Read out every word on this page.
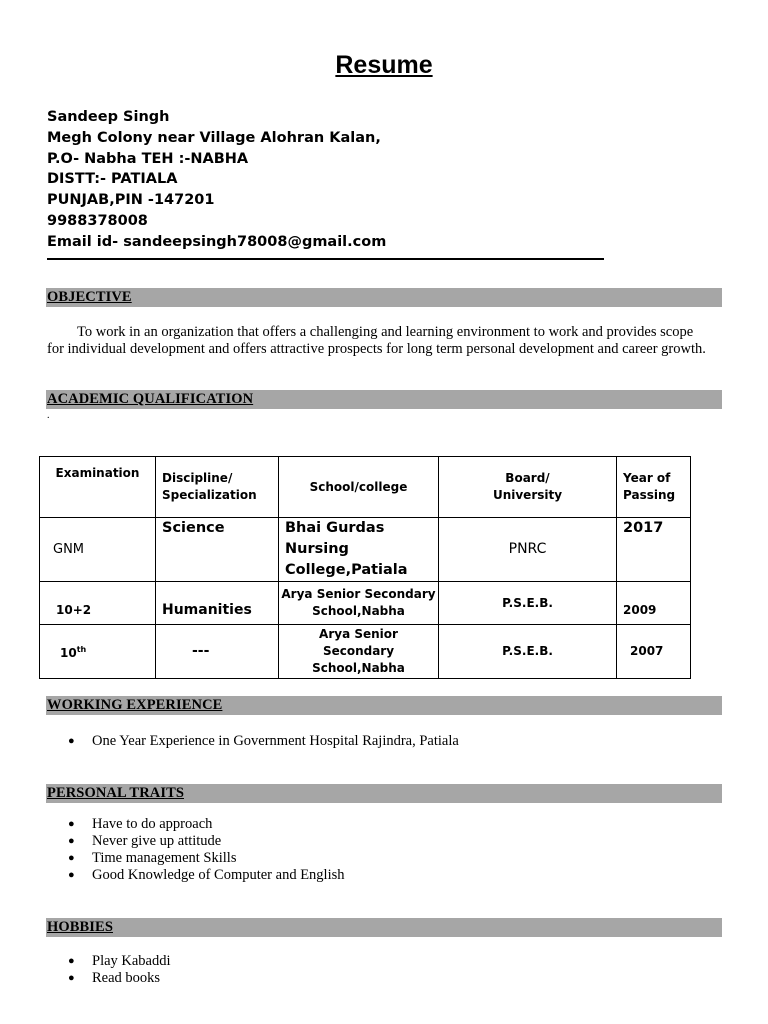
Resume
Sandeep Singh
Megh Colony near Village Alohran Kalan,
P.O- Nabha TEH :-NABHA
DISTT:- PATIALA
PUNJAB,PIN -147201
9988378008
Email id- sandeepsingh78008@gmail.com
OBJECTIVE
To work in an organization that offers a challenging and learning environment to work and provides scope for individual development and offers attractive prospects for long term personal development and career growth.
ACADEMIC QUALIFICATION
.
Examination	Discipline/ Specialization	School/college	Board/ University	Year of Passing
GNM	Science	Bhai Gurdas Nursing College,Patiala	PNRC	2017
10+2	Humanities	Arya Senior Secondary School,Nabha	P.S.E.B.	2009
10th	---	Arya Senior Secondary School,Nabha	P.S.E.B.	2007
WORKING EXPERIENCE
● One Year Experience in Government Hospital Rajindra, Patiala
PERSONAL TRAITS
● Have to do approach
● Never give up attitude
● Time management Skills
● Good Knowledge of Computer and English
HOBBIES
● Play Kabaddi
● Read books
